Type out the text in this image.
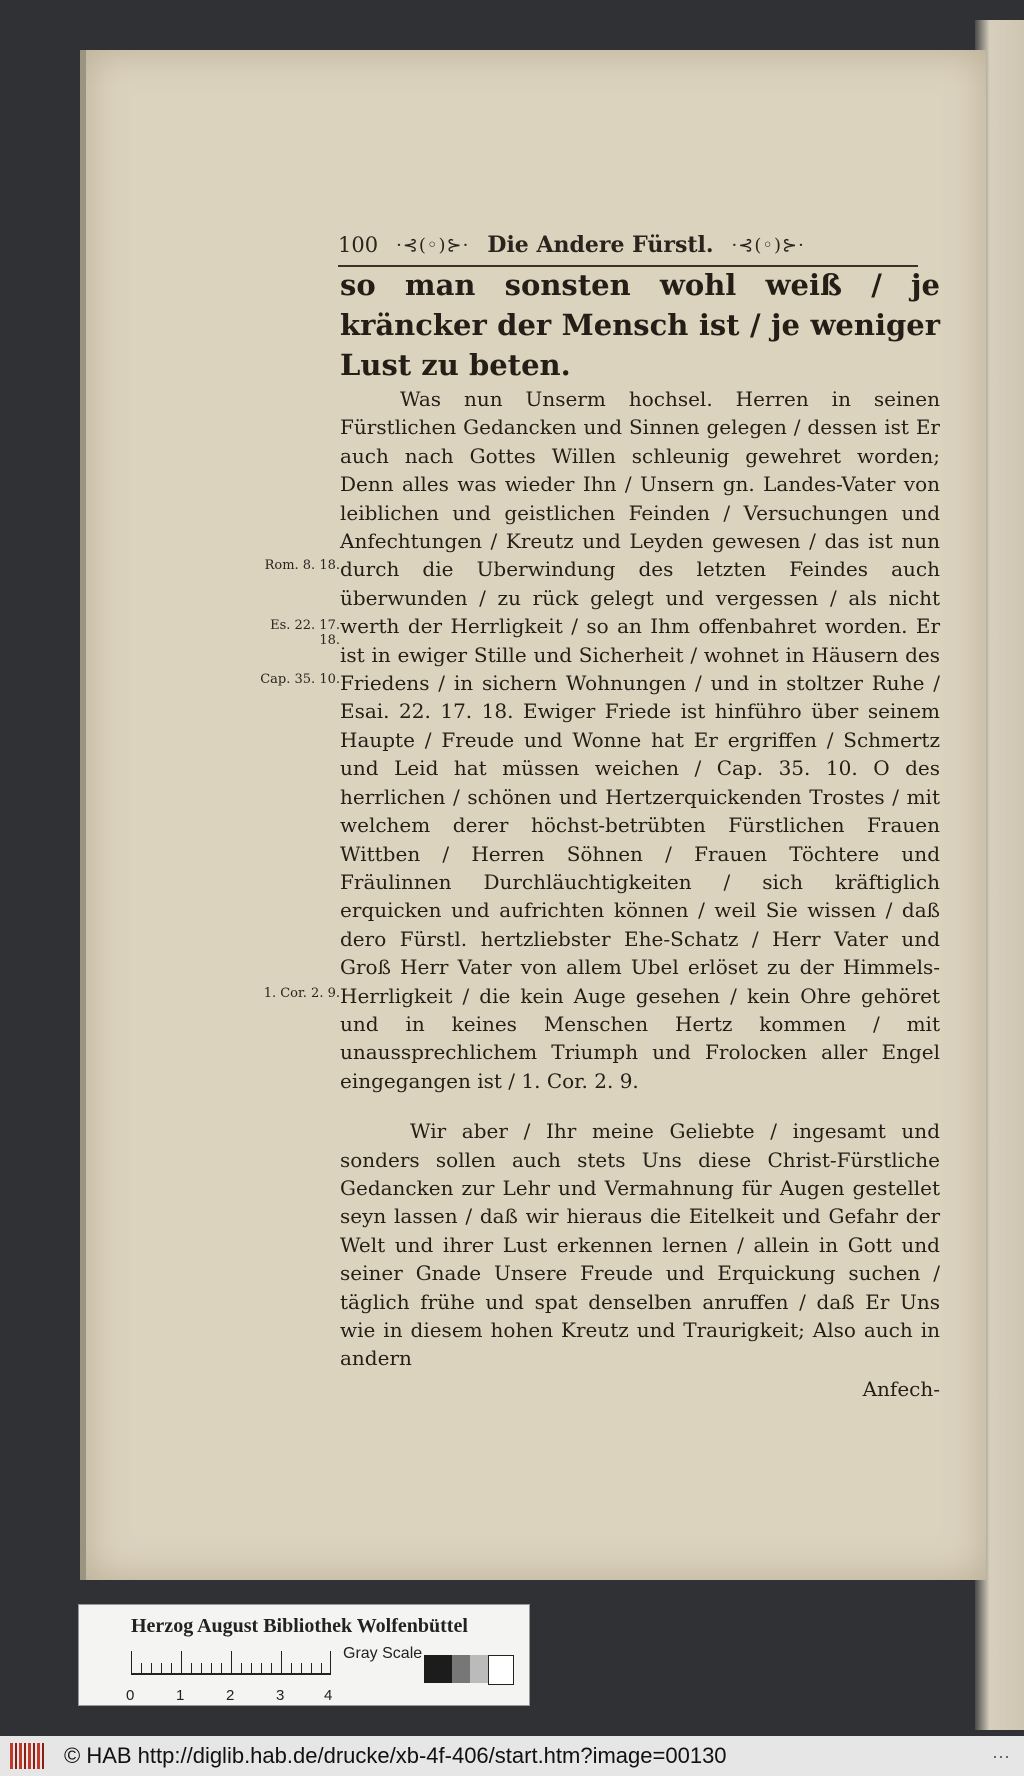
100 ·⊰(◦)⊱· Die Andere Fürstl. ·⊰(◦)⊱·

so man sonsten wohl weiß / je kräncker der Mensch ist / je weniger Lust zu beten.

Was nun Unserm hochsel. Herren in seinen Fürstlichen Gedancken und Sinnen gelegen / dessen ist Er auch nach Gottes Willen schleunig gewehret worden; Denn alles was wieder Ihn / Unsern gn. Landes-Vater von leiblichen und geistlichen Feinden / Versuchungen und Anfechtungen / Kreutz und Leyden gewesen / das ist nun durch die Uberwindung des letzten Feindes auch überwunden / zu rück gelegt und vergessen / als nicht werth der Herrligkeit / so an Ihm offenbahret worden. Er ist in ewiger Stille und Sicherheit / wohnet in Häusern des Friedens / in sichern Wohnungen / und in stoltzer Ruhe / Esai. 22. 17. 18. Ewiger Friede ist hinführo über seinem Haupte / Freude und Wonne hat Er ergriffen / Schmertz und Leid hat müssen weichen / Cap. 35. 10. O des herrlichen / schönen und Hertzerquickenden Trostes / mit welchem derer höchst-betrübten Fürstlichen Frauen Wittben / Herren Söhnen / Frauen Töchtere und Fräulinnen Durchläuchtigkeiten / sich kräftiglich erquicken und aufrichten können / weil Sie wissen / daß dero Fürstl. hertzliebster Ehe-Schatz / Herr Vater und Groß Herr Vater von allem Ubel erlöset zu der Himmels-Herrligkeit / die kein Auge gesehen / kein Ohre gehöret und in keines Menschen Hertz kommen / mit unaussprechlichem Triumph und Frolocken aller Engel eingegangen ist / 1. Cor. 2. 9.

Wir aber / Ihr meine Geliebte / ingesamt und sonders sollen auch stets Uns diese Christ-Fürstliche Gedancken zur Lehr und Vermahnung für Augen gestellet seyn lassen / daß wir hieraus die Eitelkeit und Gefahr der Welt und ihrer Lust erkennen lernen / allein in Gott und seiner Gnade Unsere Freude und Erquickung suchen / täglich frühe und spat denselben anruffen / daß Er Uns wie in diesem hohen Kreutz und Traurigkeit; Also auch in andern

Anfech-
Rom. 8. 18.
Es. 22. 17. 18.
Cap. 35. 10.
1. Cor. 2. 9.
Herzog August Bibliothek Wolfenbüttel
0	1	2	3	4
Gray Scale
© HAB http://diglib.hab.de/drucke/xb-4f-406/start.htm?image=00130	···
